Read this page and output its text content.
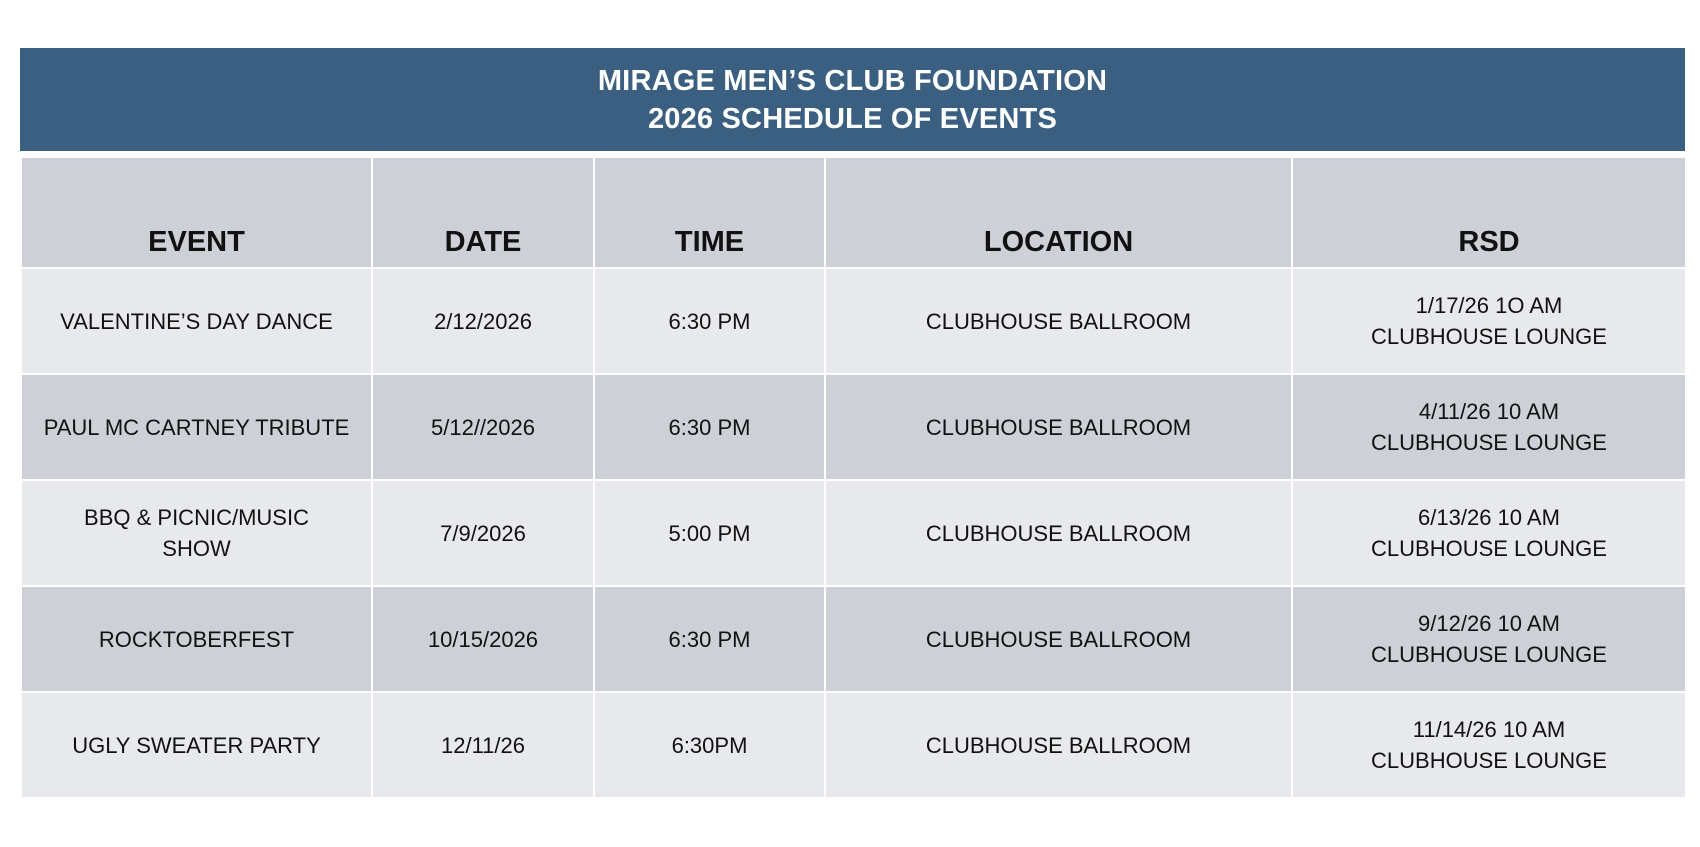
MIRAGE MEN’S CLUB FOUNDATION
2026 SCHEDULE OF EVENTS
EVENT	DATE	TIME	LOCATION	RSD

VALENTINE’S DAY DANCE	2/12/2026	6:30 PM	CLUBHOUSE BALLROOM	1/17/26 1O AM
CLUBHOUSE LOUNGE

PAUL MC CARTNEY TRIBUTE	5/12//2026	6:30 PM	CLUBHOUSE BALLROOM	4/11/26 10 AM
CLUBHOUSE LOUNGE

BBQ & PICNIC/MUSIC
SHOW	7/9/2026	5:00 PM	CLUBHOUSE BALLROOM	6/13/26 10 AM
CLUBHOUSE LOUNGE

ROCKTOBERFEST	10/15/2026	6:30 PM	CLUBHOUSE BALLROOM	9/12/26 10 AM
CLUBHOUSE LOUNGE

UGLY SWEATER PARTY	12/11/26	6:30PM	CLUBHOUSE BALLROOM	11/14/26 10 AM
CLUBHOUSE LOUNGE
